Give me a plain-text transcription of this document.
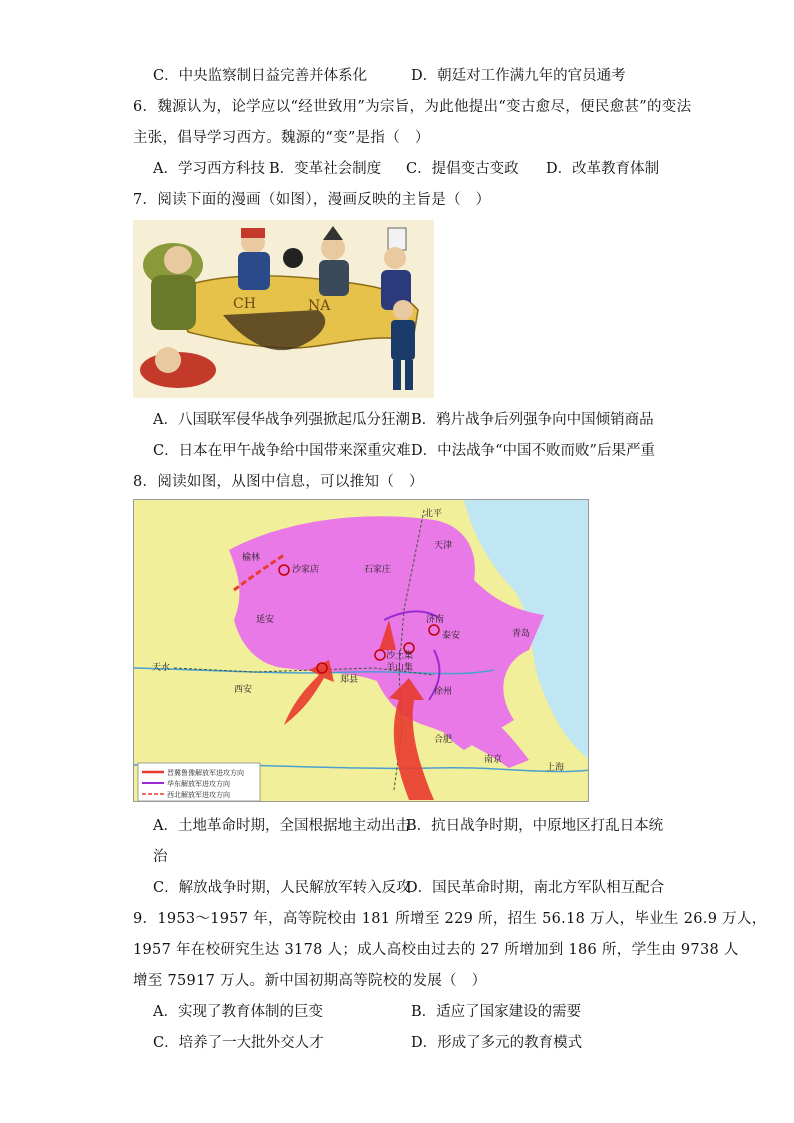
C．中央监察制日益完善并体系化	D．朝廷对工作满九年的官员通考
6．魏源认为，论学应以“经世致用”为宗旨，为此他提出“变古愈尽，便民愈甚”的变法
主张，倡导学习西方。魏源的“变”是指（　）
A．学习西方科技 B．变革社会制度 C．提倡变古变政 D．改革教育体制
7．阅读下面的漫画（如图），漫画反映的主旨是（　）
CH	NA
A．八国联军侵华战争列强掀起瓜分狂潮 B．鸦片战争后列强争向中国倾销商品
C．日本在甲午战争给中国带来深重灾难 D．中法战争“中国不败而败”后果严重
8．阅读如图，从图中信息，可以推知（　）
北平
天津
石家庄
榆林
沙家店
延安	济南
泰安	青岛
沙土集
羊山集
郑县
西安
天水
徐州
合肥
南京
上海
晋冀鲁豫解放军进攻方向
华东解放军进攻方向
西北解放军进攻方向
A．土地革命时期，全国根据地主动出击
B．抗日战争时期，中原地区打乱日本统
治
C．解放战争时期，人民解放军转入反攻
D．国民革命时期，南北方军队相互配合
9．1953～1957 年，高等院校由 181 所增至 229 所，招生 56.18 万人，毕业生 26.9 万人，
1957 年在校研究生达 3178 人；成人高校由过去的 27 所增加到 186 所，学生由 9738 人
增至 75917 万人。新中国初期高等院校的发展（　）
A．实现了教育体制的巨变	B．适应了国家建设的需要
C．培养了一大批外交人才	D．形成了多元的教育模式
